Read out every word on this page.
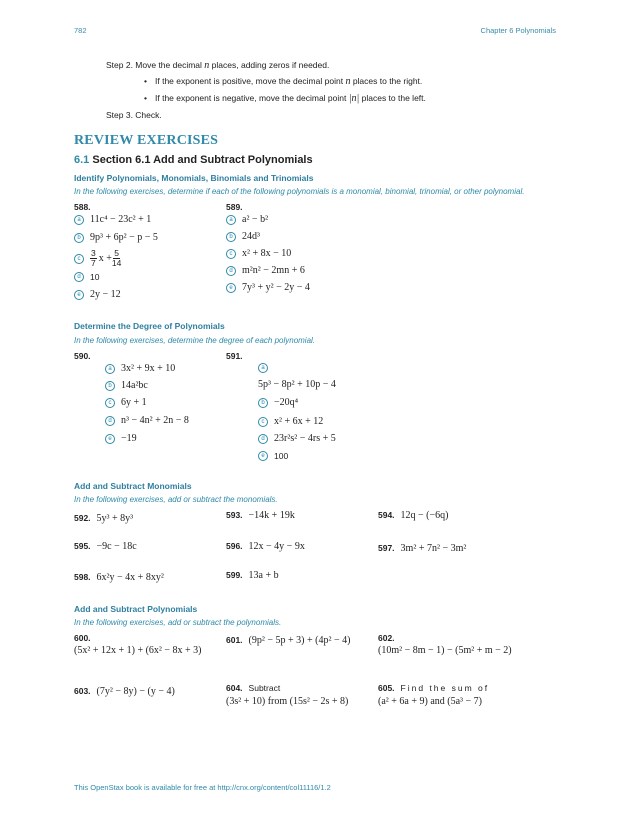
782	Chapter 6 Polynomials
Step 2. Move the decimal n places, adding zeros if needed.
• If the exponent is positive, move the decimal point n places to the right.
• If the exponent is negative, move the decimal point |n| places to the left.
Step 3. Check.
REVIEW EXERCISES
6.1 Section 6.1 Add and Subtract Polynomials
Identify Polynomials, Monomials, Binomials and Trinomials
In the following exercises, determine if each of the following polynomials is a monomial, binomial, trinomial, or other polynomial.
588.
a 11c⁴ − 23c² + 1
b 9p³ + 6p² − p − 5
c	$\frac{3}{7}$ $x + \frac{5}{14}$
d	10
e 2y − 12
589.
a a² − b²
b 24d³
c x² + 8x − 10
d m²n² − 2mn + 6
e 7y³ + y² − 2y − 4
Determine the Degree of Polynomials
In the following exercises, determine the degree of each polynomial.
590.
a 3x² + 9x + 10
b 14a²bc
c 6y + 1
d n³ − 4n² + 2n − 8
e −19
591.
a
5p³ − 8p² + 10p − 4
b −20q⁴
c x² + 6x + 12
d 23r²s² − 4rs + 5
e	100
Add and Subtract Monomials
In the following exercises, add or subtract the monomials.
592. 5y³ + 8y³	593. −14k + 19k	594. 12q − (−6q)
595. −9c − 18c	596. 12x − 4y − 9x	597. 3m² + 7n² − 3m²
598. 6x²y − 4x + 8xy²	599. 13a + b
Add and Subtract Polynomials
In the following exercises, add or subtract the polynomials.
600.
(5x² + 12x + 1) + (6x² − 8x + 3)
601. (9p² − 5p + 3) + (4p² − 4)	602.
(10m² − 8m − 1) − (5m² + m − 2)
603. (7y² − 8y) − (y − 4)	604. Subtract
(3s² + 10) from (15s² − 2s + 8)
605. Find the sum of
(a² + 6a + 9) and (5a³ − 7)
This OpenStax book is available for free at http://cnx.org/content/col11116/1.2
